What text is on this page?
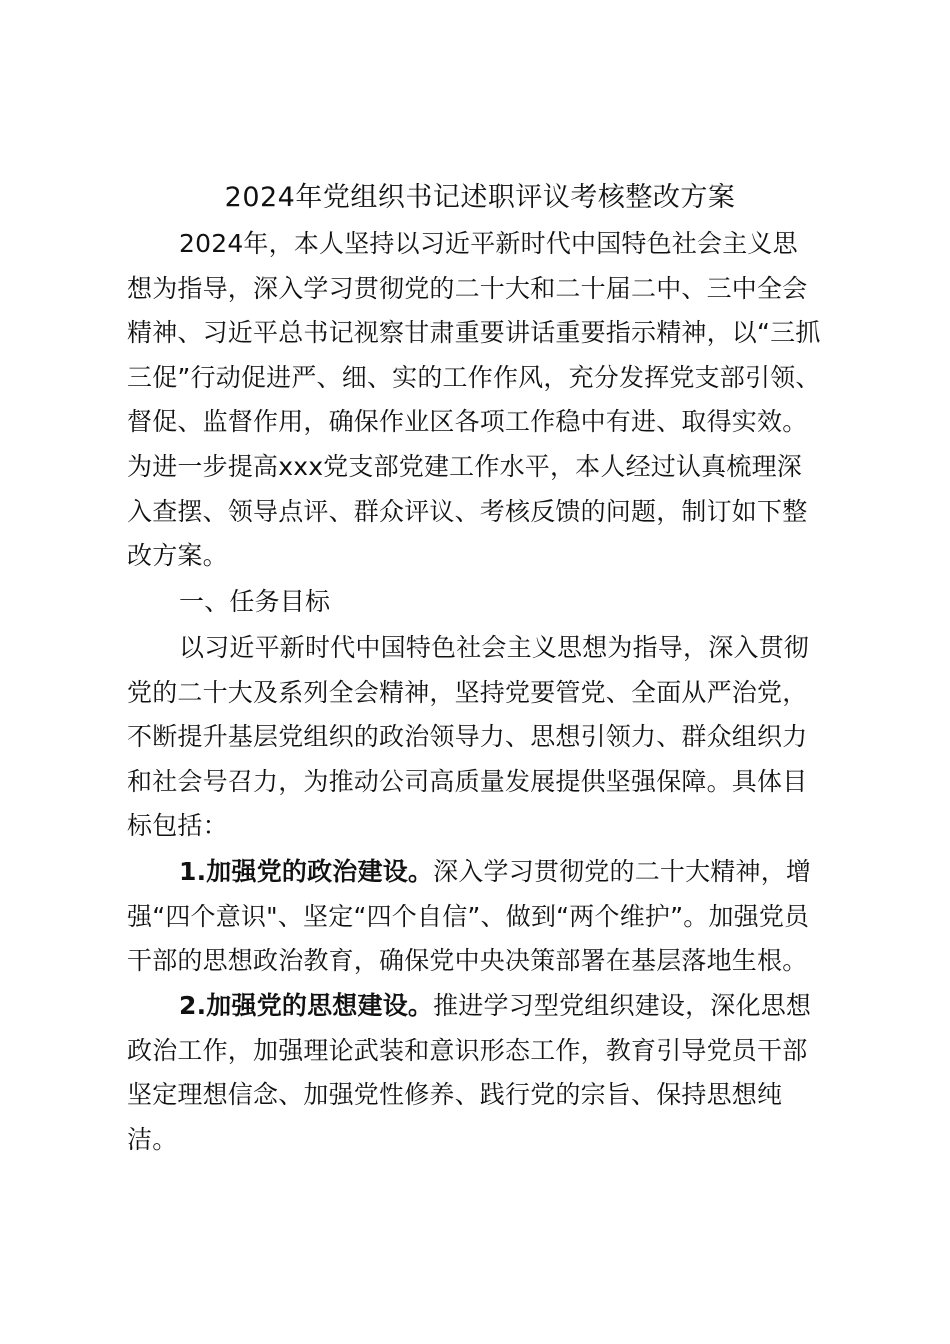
2024年党组织书记述职评议考核整改方案
2024年，本人坚持以习近平新时代中国特色社会主义思
想为指导，深入学习贯彻党的二十大和二十届二中、三中全会
精神、习近平总书记视察甘肃重要讲话重要指示精神，以“三抓
三促”行动促进严、细、实的工作作风，充分发挥党支部引领、
督促、监督作用，确保作业区各项工作稳中有进、取得实效。
为进一步提高xxx党支部党建工作水平，本人经过认真梳理深
入查摆、领导点评、群众评议、考核反馈的问题，制订如下整
改方案。
一、任务目标
以习近平新时代中国特色社会主义思想为指导，深入贯彻
党的二十大及系列全会精神，坚持党要管党、全面从严治党，
不断提升基层党组织的政治领导力、思想引领力、群众组织力
和社会号召力，为推动公司高质量发展提供坚强保障。具体目
标包括：
1.加强党的政治建设。深入学习贯彻党的二十大精神，增
强“四个意识"、坚定“四个自信”、做到“两个维护”。加强党员
干部的思想政治教育，确保党中央决策部署在基层落地生根。
2.加强党的思想建设。推进学习型党组织建设，深化思想
政治工作，加强理论武装和意识形态工作，教育引导党员干部
坚定理想信念、加强党性修养、践行党的宗旨、保持思想纯
洁。
